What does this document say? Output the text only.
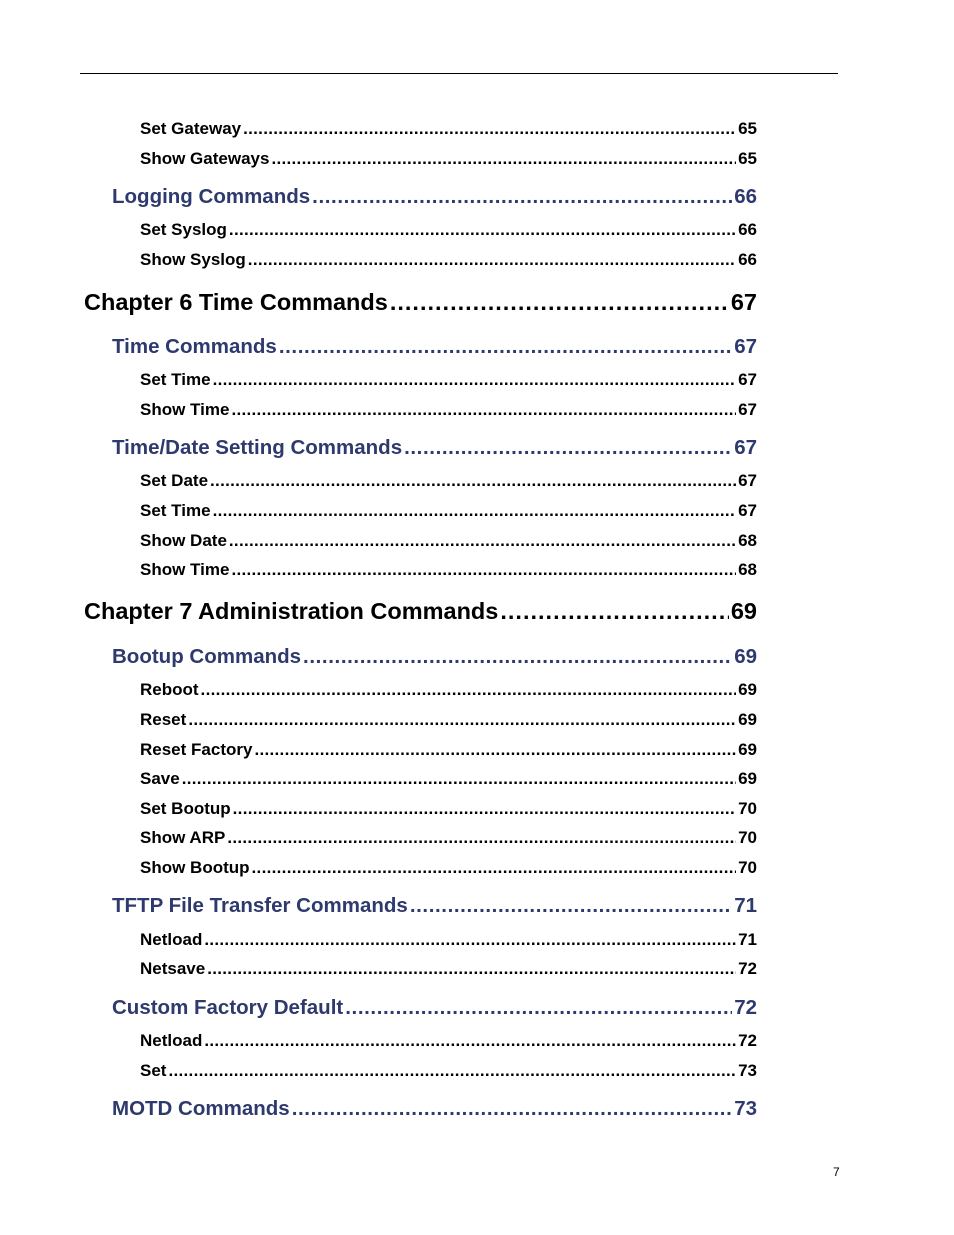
Set Gateway .....	65
Show Gateways .....	65
Logging Commands .....	66
Set Syslog .....	66
Show Syslog .....	66
Chapter 6 Time Commands .....	67
Time Commands .....	67
Set Time .....	67
Show Time .....	67
Time/Date Setting Commands .....	67
Set Date .....	67
Set Time .....	67
Show Date .....	68
Show Time .....	68
Chapter 7 Administration Commands .....	69
Bootup Commands .....	69
Reboot .....	69
Reset .....	69
Reset Factory .....	69
Save .....	69
Set Bootup .....	70
Show ARP .....	70
Show Bootup .....	70
TFTP File Transfer Commands .....	71
Netload .....	71
Netsave .....	72
Custom Factory Default .....	72
Netload .....	72
Set .....	73
MOTD Commands .....	73
7
